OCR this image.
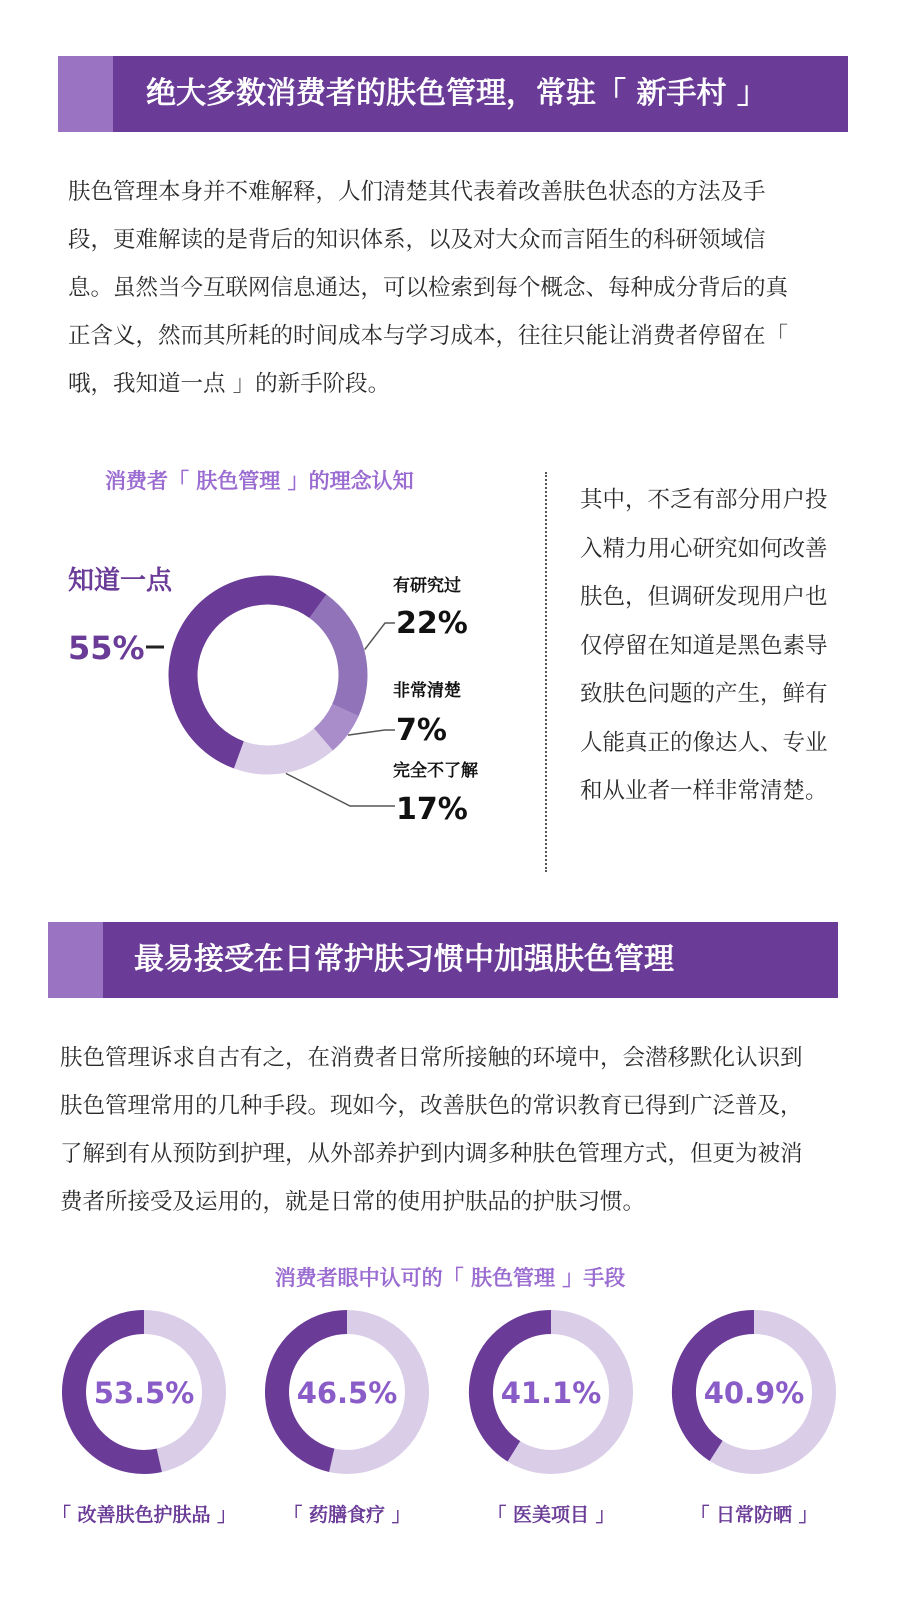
绝大多数消费者的肤色管理，常驻「 新手村 」

肤色管理本身并不难解释，人们清楚其代表着改善肤色状态的方法及手段，更难解读的是背后的知识体系，以及对大众而言陌生的科研领域信息。虽然当今互联网信息通达，可以检索到每个概念、每种成分背后的真正含义，然而其所耗的时间成本与学习成本，往往只能让消费者停留在「 哦，我知道一点 」的新手阶段。

消费者「 肤色管理 」的理念认知
知道一点
55%
有研究过
22%
非常清楚
7%
完全不了解
17%

其中，不乏有部分用户投入精力用心研究如何改善肤色，但调研发现用户也仅停留在知道是黑色素导致肤色问题的产生，鲜有人能真正的像达人、专业和从业者一样非常清楚。

最易接受在日常护肤习惯中加强肤色管理

肤色管理诉求自古有之，在消费者日常所接触的环境中，会潜移默化认识到肤色管理常用的几种手段。现如今，改善肤色的常识教育已得到广泛普及，了解到有从预防到护理，从外部养护到内调多种肤色管理方式，但更为被消费者所接受及运用的，就是日常的使用护肤品的护肤习惯。

消费者眼中认可的「 肤色管理 」手段
53.5%	46.5%	41.1%	40.9%
「 改善肤色护肤品 」	「 药膳食疗 」	「 医美项目 」	「 日常防晒 」
